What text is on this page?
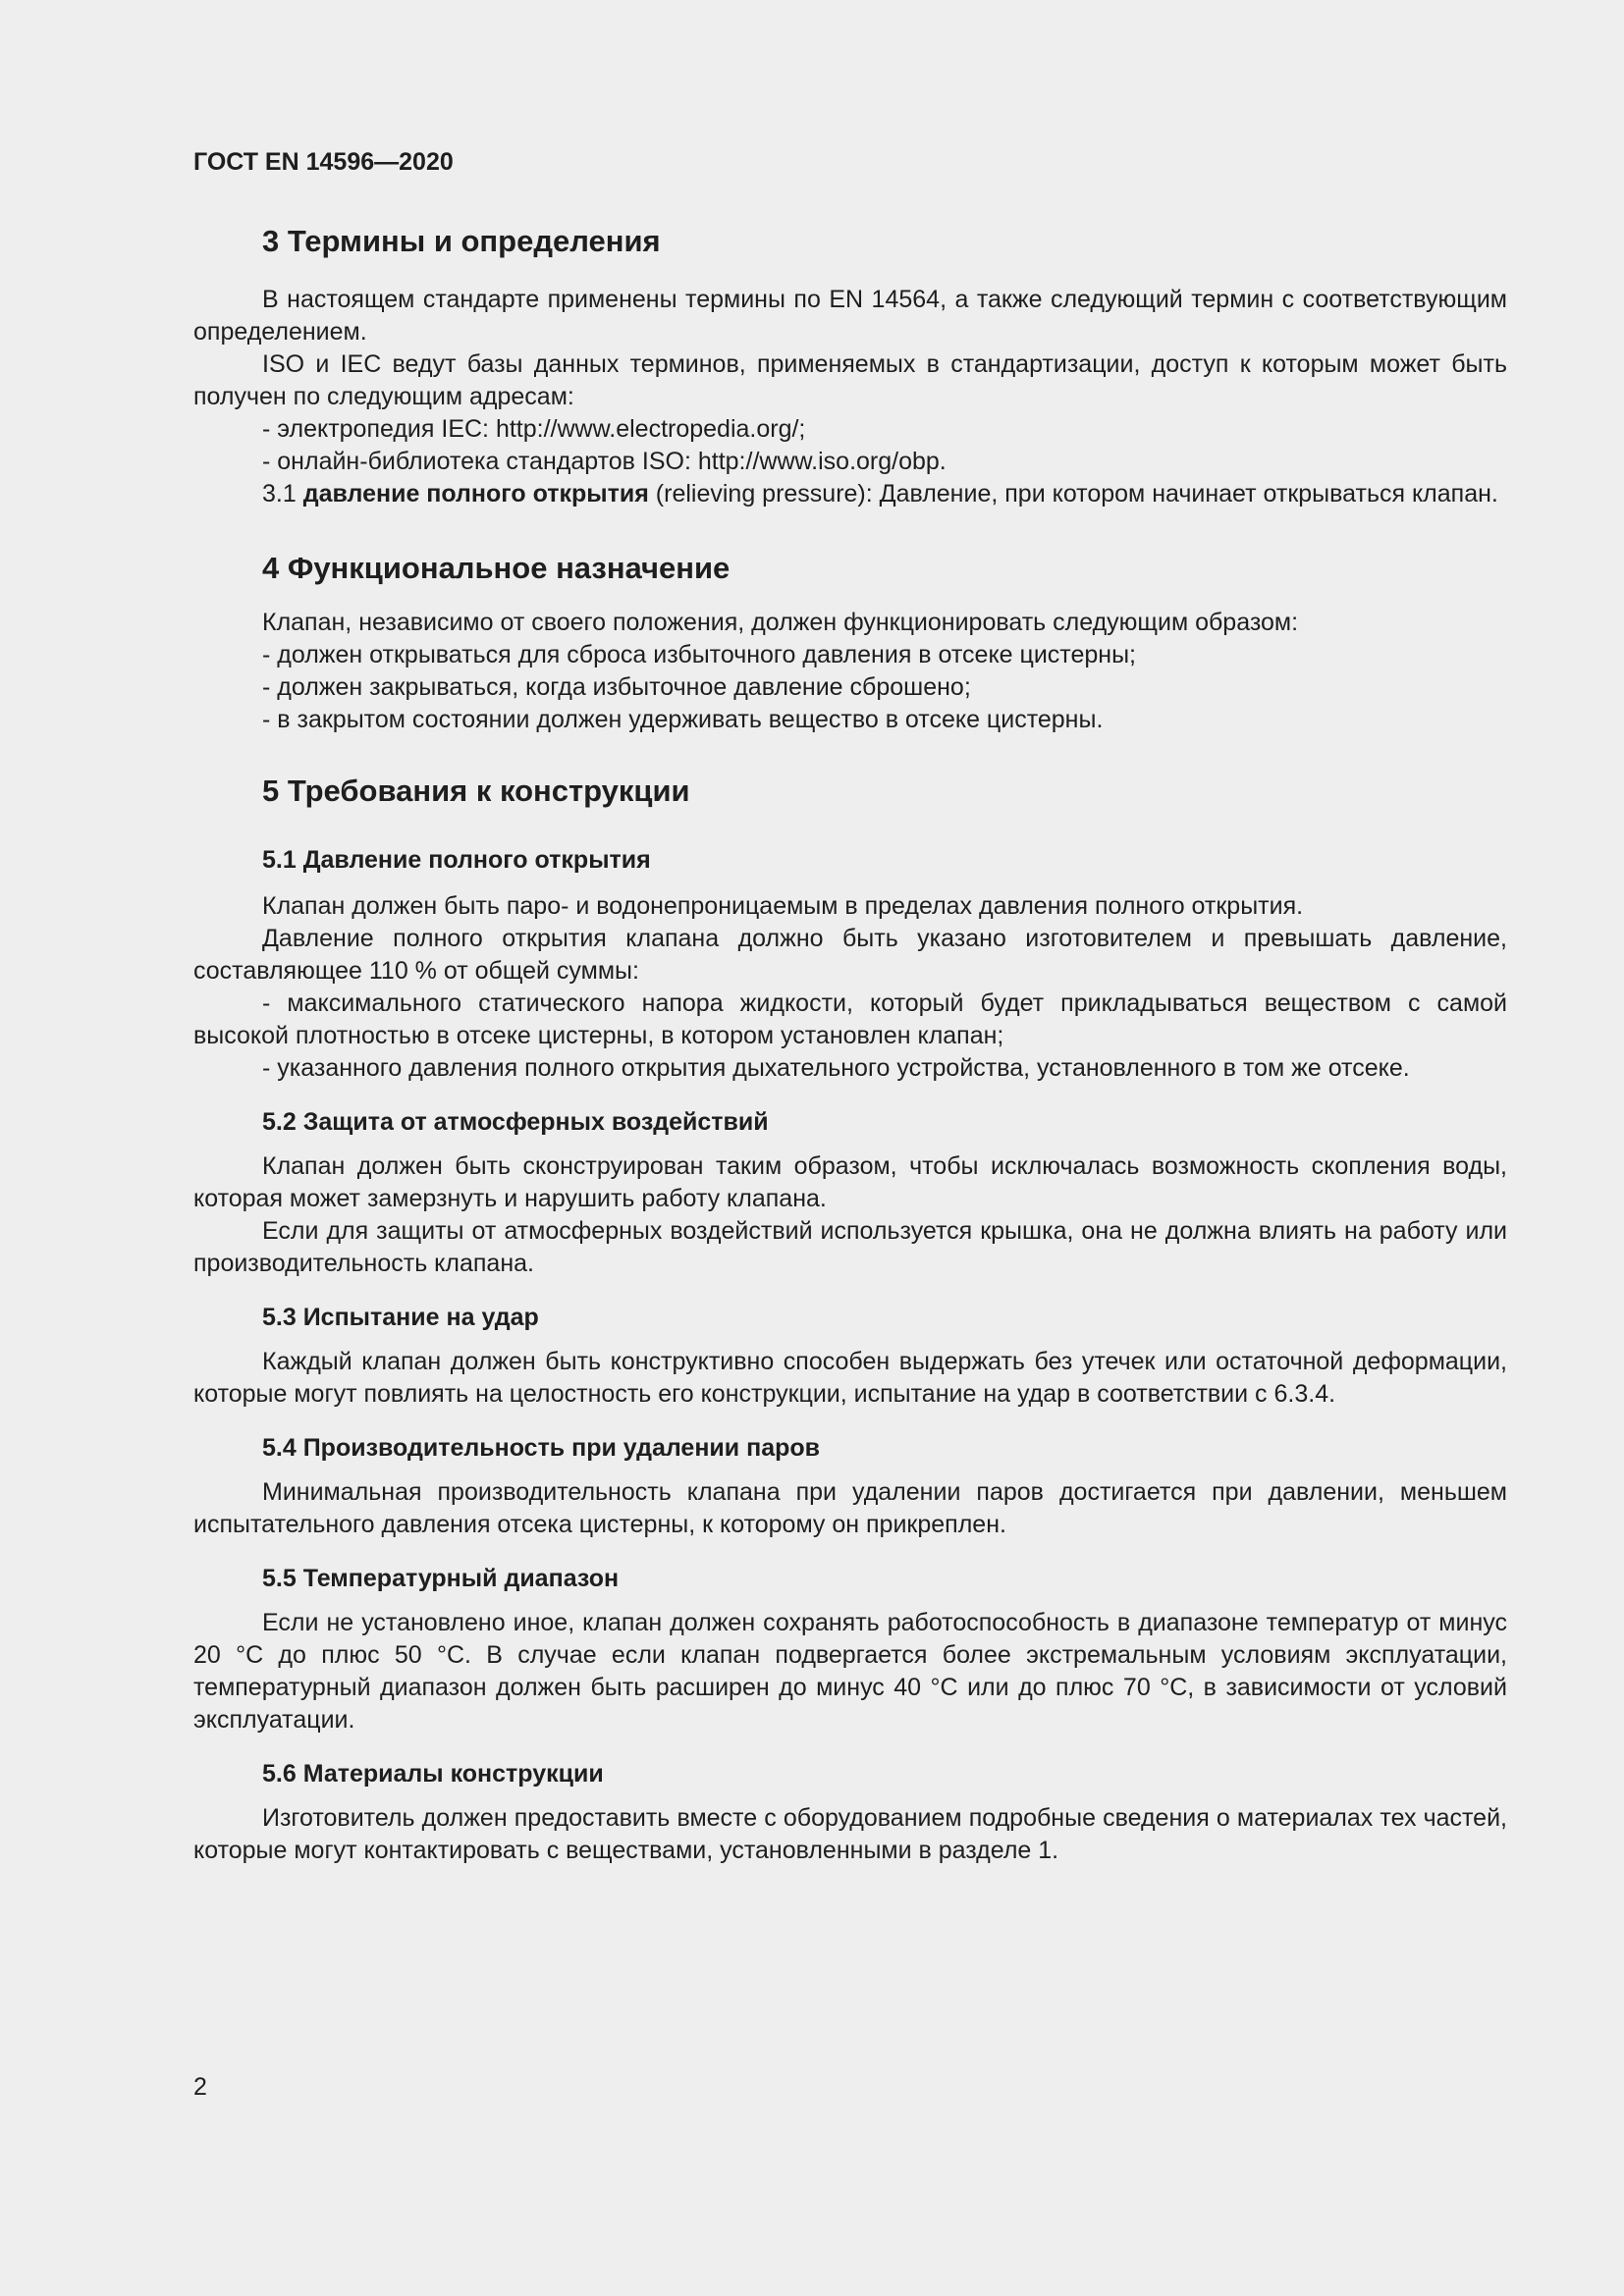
ГОСТ EN 14596—2020

3 Термины и определения

В настоящем стандарте применены термины по EN 14564, а также следующий термин с соответствующим определением.

ISO и IEC ведут базы данных терминов, применяемых в стандартизации, доступ к которым может быть получен по следующим адресам:

- электропедия IEC: http://www.electropedia.org/;

- онлайн-библиотека стандартов ISO: http://www.iso.org/obp.

3.1 давление полного открытия (relieving pressure): Давление, при котором начинает открываться клапан.

4 Функциональное назначение

Клапан, независимо от своего положения, должен функционировать следующим образом:

- должен открываться для сброса избыточного давления в отсеке цистерны;

- должен закрываться, когда избыточное давление сброшено;

- в закрытом состоянии должен удерживать вещество в отсеке цистерны.

5 Требования к конструкции
5.1 Давление полного открытия

Клапан должен быть паро- и водонепроницаемым в пределах давления полного открытия.

Давление полного открытия клапана должно быть указано изготовителем и превышать давление, составляющее 110 % от общей суммы:

- максимального статического напора жидкости, который будет прикладываться веществом с самой высокой плотностью в отсеке цистерны, в котором установлен клапан;

- указанного давления полного открытия дыхательного устройства, установленного в том же отсеке.

5.2 Защита от атмосферных воздействий

Клапан должен быть сконструирован таким образом, чтобы исключалась возможность скопления воды, которая может замерзнуть и нарушить работу клапана.

Если для защиты от атмосферных воздействий используется крышка, она не должна влиять на работу или производительность клапана.

5.3 Испытание на удар

Каждый клапан должен быть конструктивно способен выдержать без утечек или остаточной деформации, которые могут повлиять на целостность его конструкции, испытание на удар в соответствии с 6.3.4.

5.4 Производительность при удалении паров

Минимальная производительность клапана при удалении паров достигается при давлении, меньшем испытательного давления отсека цистерны, к которому он прикреплен.

5.5 Температурный диапазон

Если не установлено иное, клапан должен сохранять работоспособность в диапазоне температур от минус 20 °С до плюс 50 °С. В случае если клапан подвергается более экстремальным условиям эксплуатации, температурный диапазон должен быть расширен до минус 40 °С или до плюс 70 °С, в зависимости от условий эксплуатации.

5.6 Материалы конструкции

Изготовитель должен предоставить вместе с оборудованием подробные сведения о материалах тех частей, которые могут контактировать с веществами, установленными в разделе 1.

2
